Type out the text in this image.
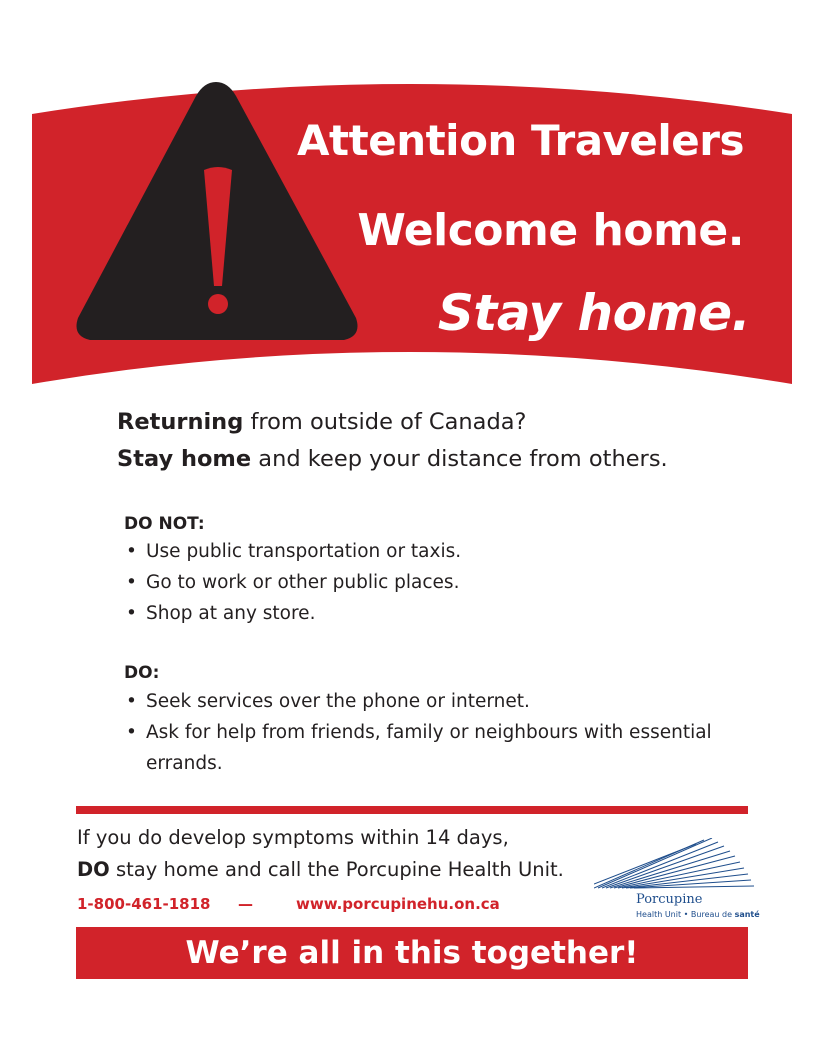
Attention Travelers
Welcome home.
Stay home.
Returning from outside of Canada?
Stay home and keep your distance from others.
DO NOT:
• Use public transportation or taxis.
• Go to work or other public places.
• Shop at any store.
DO:
• Seek services over the phone or internet.
• Ask for help from friends, family or neighbours with essential errands.
If you do develop symptoms within 14 days,
DO stay home and call the Porcupine Health Unit.
1-800-461-1818 —	www.porcupinehu.on.ca	Porcupine
Health Unit • Bureau de santé
We’re all in this together!
